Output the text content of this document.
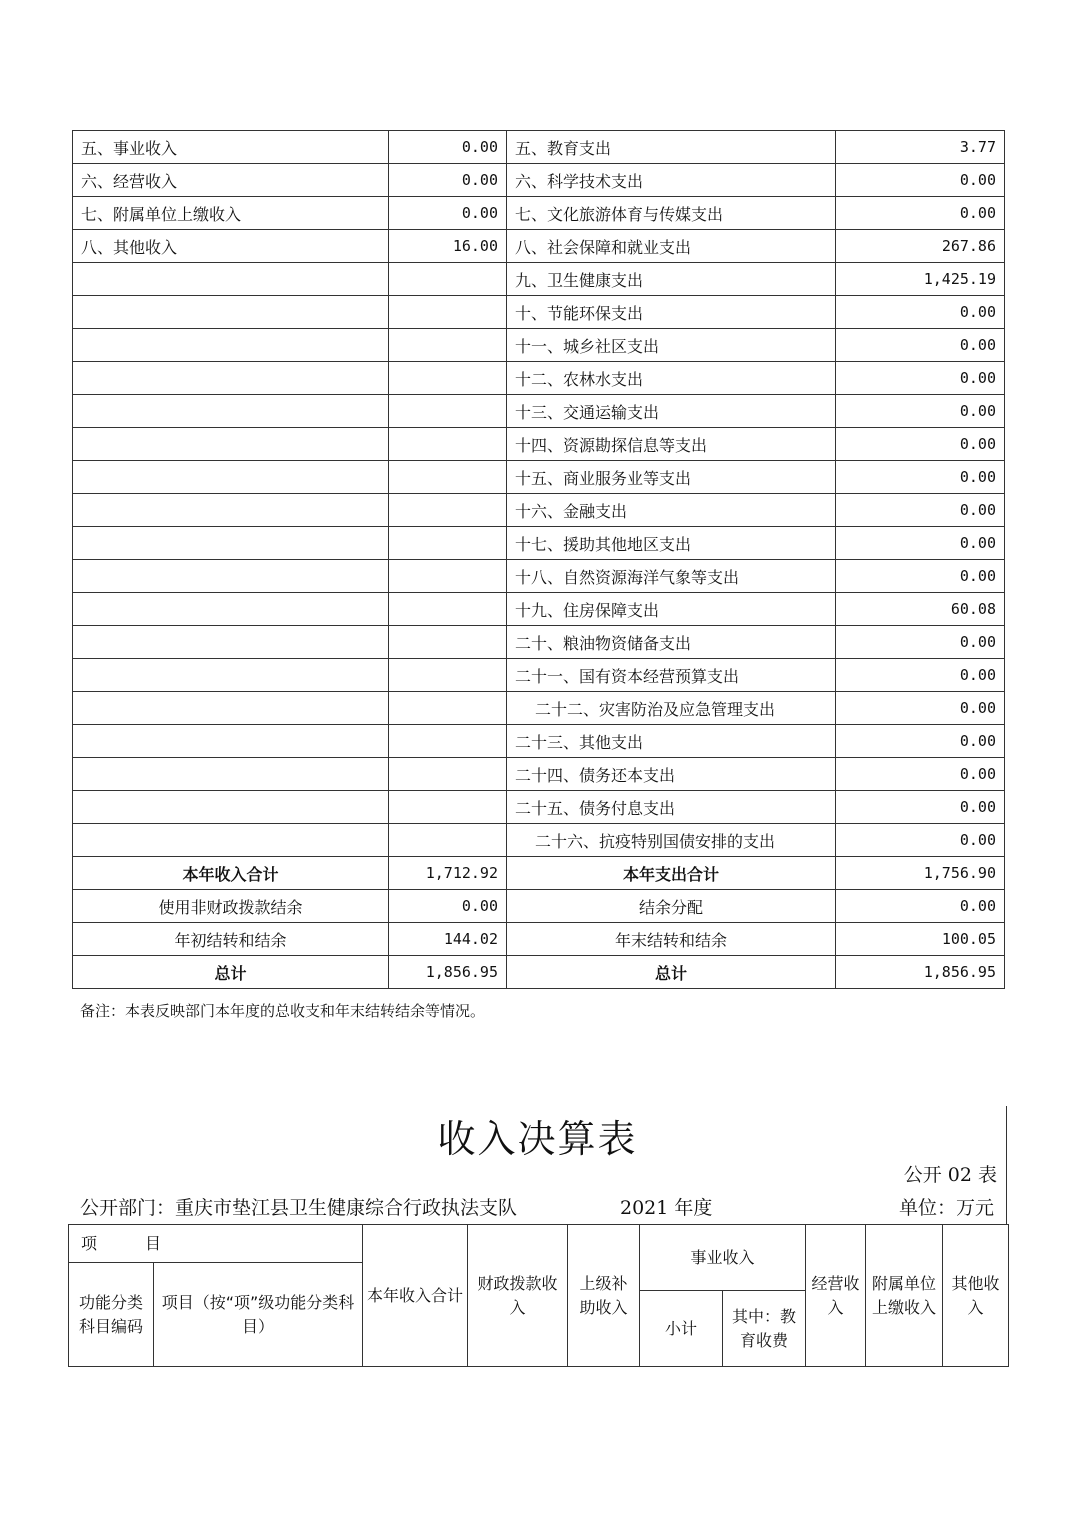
五、事业收入	0.00	五、教育支出	3.77
六、经营收入	0.00	六、科学技术支出	0.00
七、附属单位上缴收入	0.00	七、文化旅游体育与传媒支出	0.00
八、其他收入	16.00	八、社会保障和就业支出	267.86
		九、卫生健康支出	1,425.19
		十、节能环保支出	0.00
		十一、城乡社区支出	0.00
		十二、农林水支出	0.00
		十三、交通运输支出	0.00
		十四、资源勘探信息等支出	0.00
		十五、商业服务业等支出	0.00
		十六、金融支出	0.00
		十七、援助其他地区支出	0.00
		十八、自然资源海洋气象等支出	0.00
		十九、住房保障支出	60.08
		二十、粮油物资储备支出	0.00
		二十一、国有资本经营预算支出	0.00
		二十二、灾害防治及应急管理支出	0.00
		二十三、其他支出	0.00
		二十四、债务还本支出	0.00
		二十五、债务付息支出	0.00
		二十六、抗疫特别国债安排的支出	0.00
本年收入合计	1,712.92	本年支出合计	1,756.90
使用非财政拨款结余	0.00	结余分配	0.00
年初结转和结余	144.02	年末结转和结余	100.05
总计	1,856.95	总计	1,856.95
备注：本表反映部门本年度的总收支和年末结转结余等情况。
收入决算表
公开 02 表
公开部门：重庆市垫江县卫生健康综合行政执法支队	2021 年度	单位：万元
项　　　目		本年收入合计	财政拨款收入	上级补助收入	事业收入		经营收入	附属单位上缴收入	其他收入
功能分类科目编码	项目（按“项”级功能分类科目）								
					小计	其中：教育收费			
